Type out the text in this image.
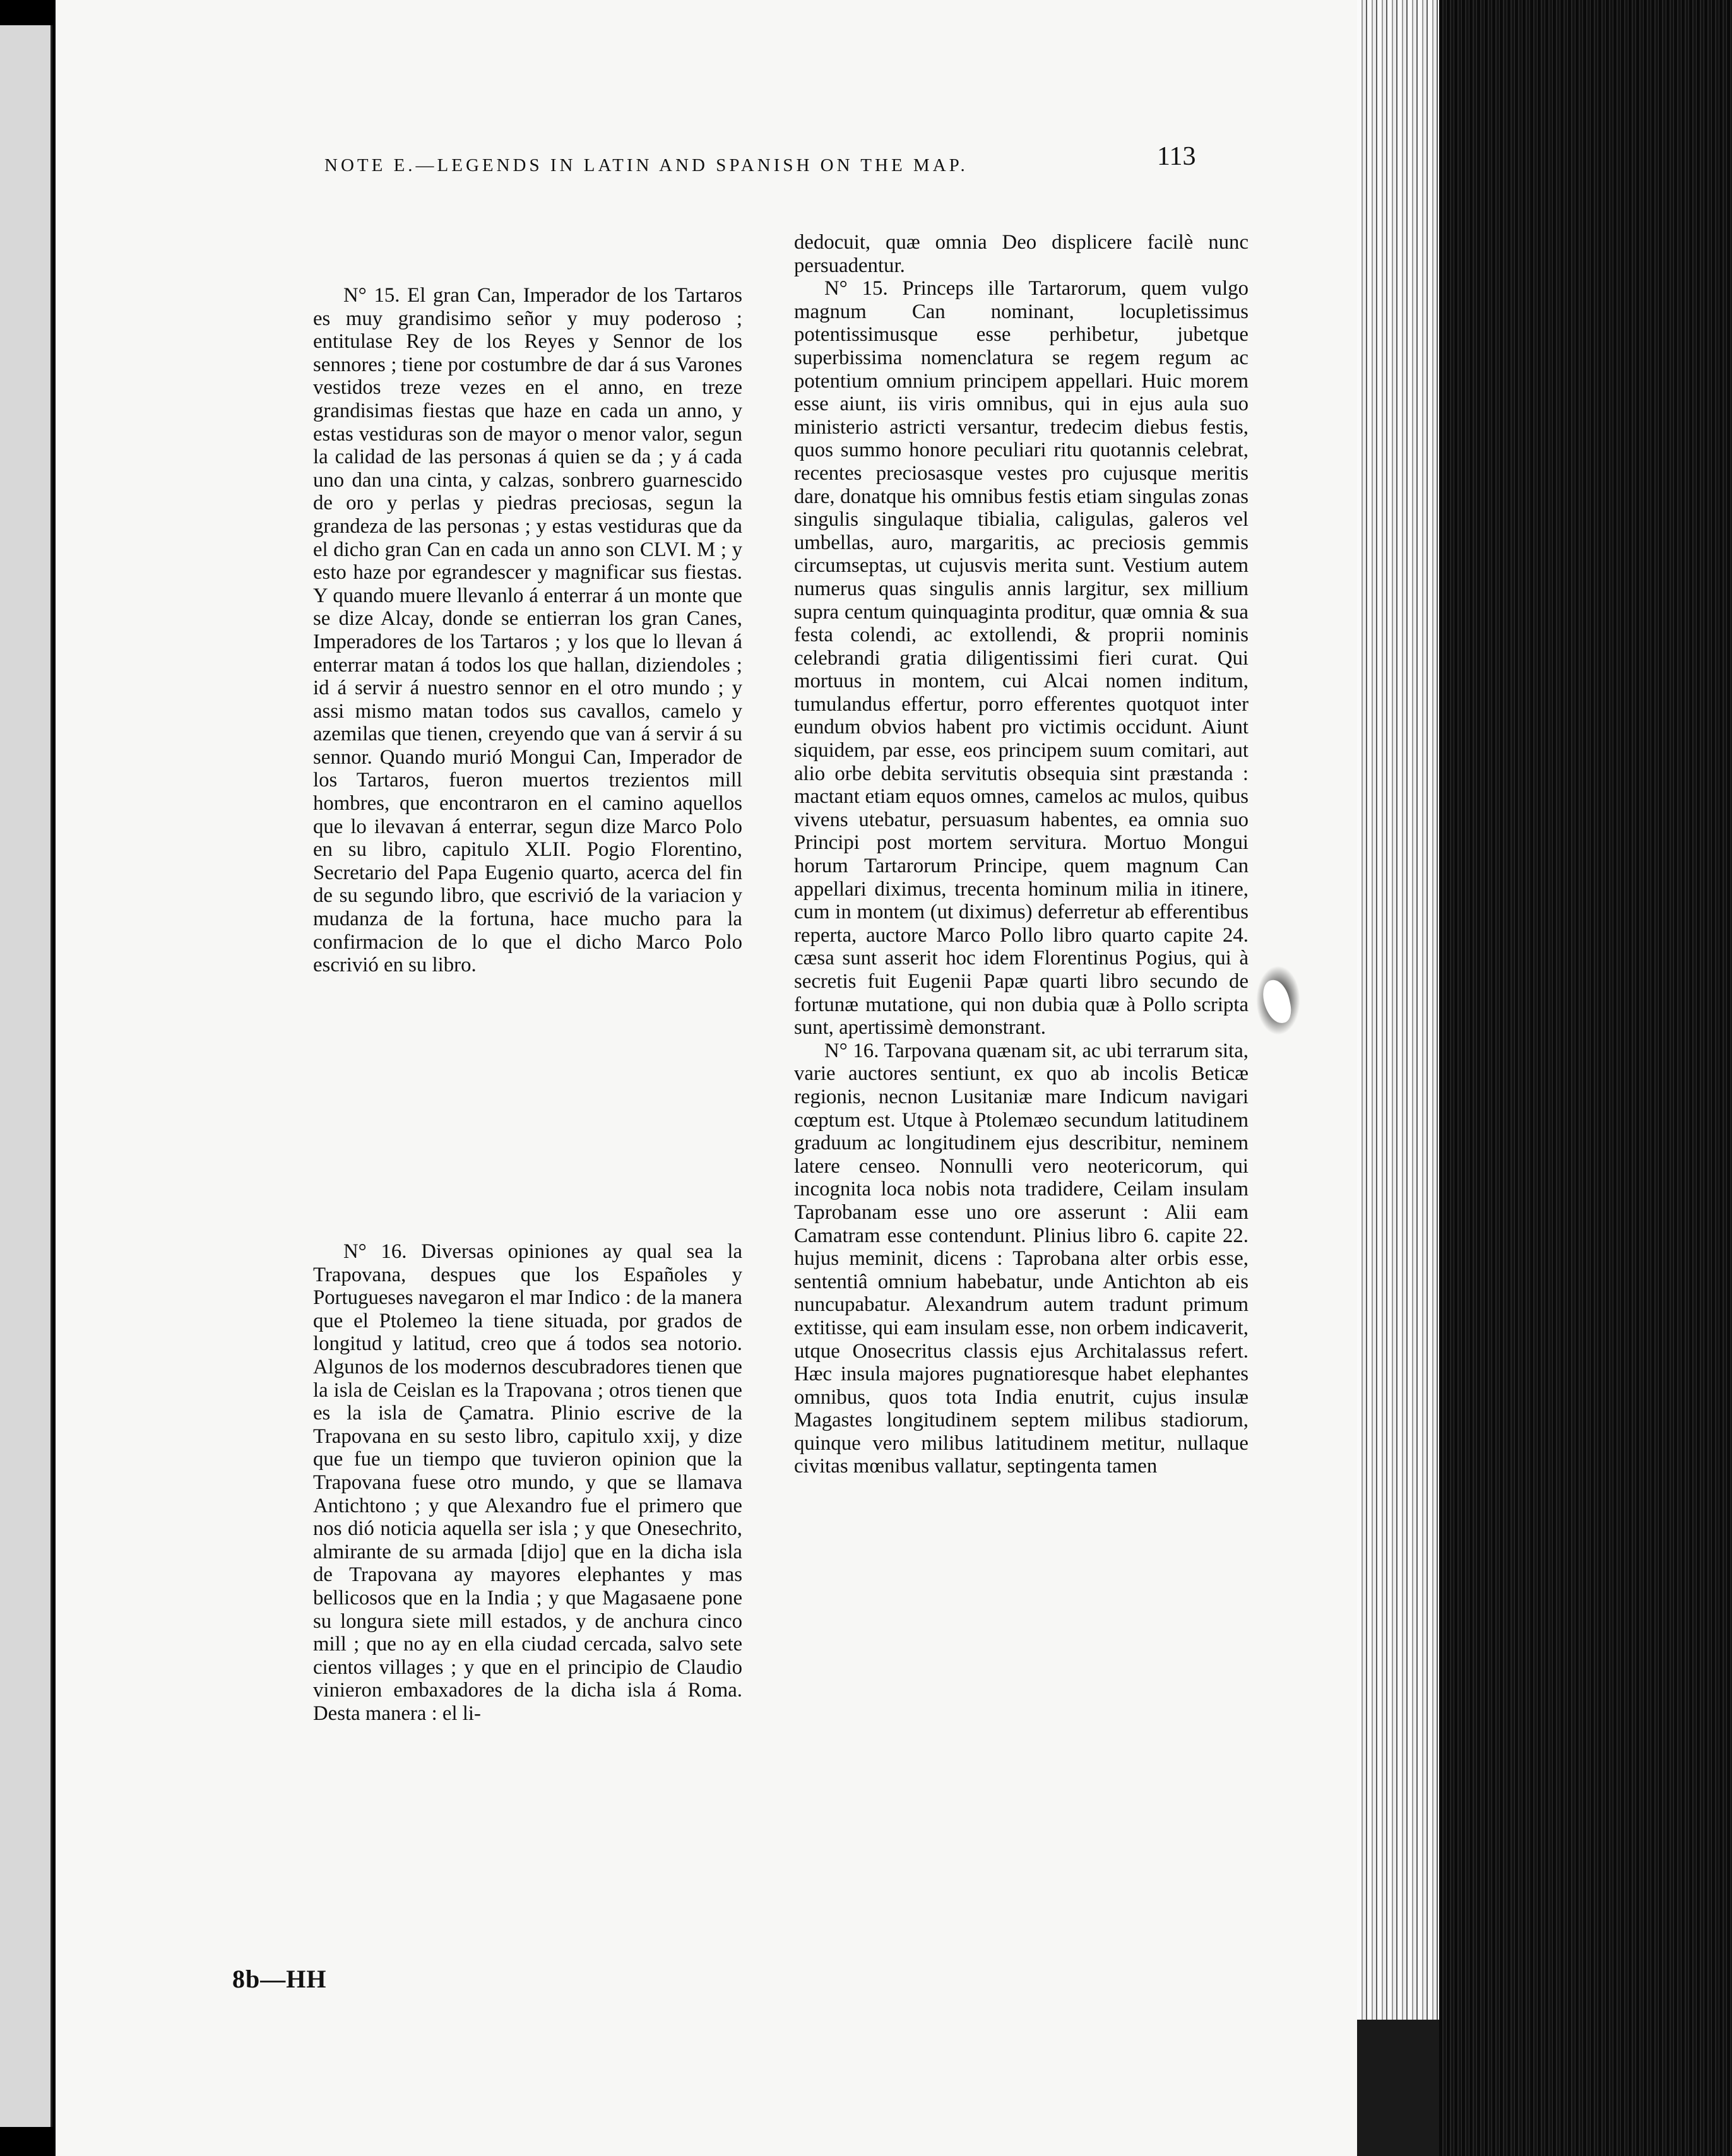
NOTE E.—LEGENDS IN LATIN AND SPANISH ON THE MAP.	113

N° 15. El gran Can, Imperador de los Tartaros es muy grandisimo señor y muy poderoso ; entitulase Rey de los Reyes y Sennor de los sennores ; tiene por costumbre de dar á sus Varones vestidos treze vezes en el anno, en treze grandisimas fiestas que haze en cada un anno, y estas vestiduras son de mayor o menor valor, segun la calidad de las personas á quien se da ; y á cada uno dan una cinta, y calzas, sonbrero guarnescido de oro y perlas y piedras preciosas, segun la grandeza de las personas ; y estas vestiduras que da el dicho gran Can en cada un anno son CLVI. M ; y esto haze por egrandescer y magnificar sus fiestas. Y quando muere llevanlo á enterrar á un monte que se dize Alcay, donde se entierran los gran Canes, Imperadores de los Tartaros ; y los que lo llevan á enterrar matan á todos los que hallan, diziendoles ; id á servir á nuestro sennor en el otro mundo ; y assi mismo matan todos sus cavallos, camelo y azemilas que tienen, creyendo que van á servir á su sennor. Quando murió Mongui Can, Imperador de los Tartaros, fueron muertos trezientos mill hombres, que encontraron en el camino aquellos que lo ilevavan á enterrar, segun dize Marco Polo en su libro, capitulo XLII. Pogio Florentino, Secretario del Papa Eugenio quarto, acerca del fin de su segundo libro, que escrivió de la variacion y mudanza de la fortuna, hace mucho para la confirmacion de lo que el dicho Marco Polo escrivió en su libro.

N° 16. Diversas opiniones ay qual sea la Trapovana, despues que los Españoles y Portugueses navegaron el mar Indico : de la manera que el Ptolemeo la tiene situada, por grados de longitud y latitud, creo que á todos sea notorio. Algunos de los modernos descubradores tienen que la isla de Ceislan es la Trapovana ; otros tienen que es la isla de Çamatra. Plinio escrive de la Trapovana en su sesto libro, capitulo xxij, y dize que fue un tiempo que tuvieron opinion que la Trapovana fuese otro mundo, y que se llamava Antichtono ; y que Alexandro fue el primero que nos dió noticia aquella ser isla ; y que Onesechrito, almirante de su armada [dijo] que en la dicha isla de Trapovana ay mayores elephantes y mas bellicosos que en la India ; y que Magasaene pone su longura siete mill estados, y de anchura cinco mill ; que no ay en ella ciudad cercada, salvo sete cientos villages ; y que en el principio de Claudio vinieron embaxadores de la dicha isla á Roma. Desta manera : el li-

dedocuit, quæ omnia Deo displicere facilè nunc persuadentur.

N° 15. Princeps ille Tartarorum, quem vulgo magnum Can nominant, locupletissimus potentissimusque esse perhibetur, jubetque superbissima nomenclatura se regem regum ac potentium omnium principem appellari. Huic morem esse aiunt, iis viris omnibus, qui in ejus aula suo ministerio astricti versantur, tredecim diebus festis, quos summo honore peculiari ritu quotannis celebrat, recentes preciosasque vestes pro cujusque meritis dare, donatque his omnibus festis etiam singulas zonas singulis singulaque tibialia, caligulas, galeros vel umbellas, auro, margaritis, ac preciosis gemmis circumseptas, ut cujusvis merita sunt. Vestium autem numerus quas singulis annis largitur, sex millium supra centum quinquaginta proditur, quæ omnia & sua festa colendi, ac extollendi, & proprii nominis celebrandi gratia diligentissimi fieri curat. Qui mortuus in montem, cui Alcai nomen inditum, tumulandus effertur, porro efferentes quotquot inter eundum obvios habent pro victimis occidunt. Aiunt siquidem, par esse, eos principem suum comitari, aut alio orbe debita servitutis obsequia sint præstanda : mactant etiam equos omnes, camelos ac mulos, quibus vivens utebatur, persuasum habentes, ea omnia suo Principi post mortem servitura. Mortuo Mongui horum Tartarorum Principe, quem magnum Can appellari diximus, trecenta hominum milia in itinere, cum in montem (ut diximus) deferretur ab efferentibus reperta, auctore Marco Pollo libro quarto capite 24. cæsa sunt asserit hoc idem Florentinus Pogius, qui à secretis fuit Eugenii Papæ quarti libro secundo de fortunæ mutatione, qui non dubia quæ à Pollo scripta sunt, apertissimè demonstrant.

N° 16. Tarpovana quænam sit, ac ubi terrarum sita, varie auctores sentiunt, ex quo ab incolis Beticæ regionis, necnon Lusitaniæ mare Indicum navigari cœptum est. Utque à Ptolemæo secundum latitudinem graduum ac longitudinem ejus describitur, neminem latere censeo. Nonnulli vero neotericorum, qui incognita loca nobis nota tradidere, Ceilam insulam Taprobanam esse uno ore asserunt : Alii eam Camatram esse contendunt. Plinius libro 6. capite 22. hujus meminit, dicens : Taprobana alter orbis esse, sententiâ omnium habebatur, unde Antichton ab eis nuncupabatur. Alexandrum autem tradunt primum extitisse, qui eam insulam esse, non orbem indicaverit, utque Onosecritus classis ejus Architalassus refert. Hæc insula majores pugnatioresque habet elephantes omnibus, quos tota India enutrit, cujus insulæ Magastes longitudinem septem milibus stadiorum, quinque vero milibus latitudinem metitur, nullaque civitas mœnibus vallatur, septingenta tamen

8b—HH
